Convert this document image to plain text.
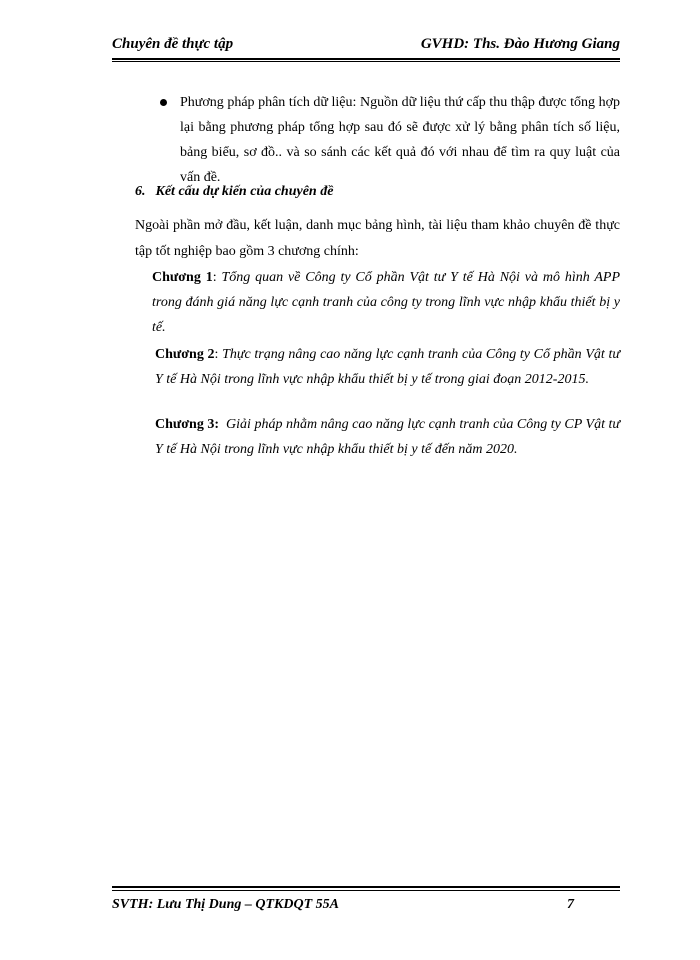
Chuyên đề thực tập	GVHD: Ths. Đào Hương Giang
Phương pháp phân tích dữ liệu: Nguồn dữ liệu thứ cấp thu thập được tổng hợp lại bằng phương pháp tổng hợp sau đó sẽ được xử lý bằng phân tích số liệu, bảng biểu, sơ đồ.. và so sánh các kết quả đó với nhau để tìm ra quy luật của vấn đề.
6. Kết cấu dự kiến của chuyên đề
Ngoài phần mở đầu, kết luận, danh mục bảng hình, tài liệu tham khảo chuyên đề thực tập tốt nghiệp bao gồm 3 chương chính:
Chương 1: Tổng quan về Công ty Cổ phần Vật tư Y tế Hà Nội và mô hình APP trong đánh giá năng lực cạnh tranh của công ty trong lĩnh vực nhập khẩu thiết bị y tế.
Chương 2: Thực trạng nâng cao năng lực cạnh tranh của Công ty Cổ phần Vật tư Y tế Hà Nội trong lĩnh vực nhập khẩu thiết bị y tế trong giai đoạn 2012-2015.
Chương 3: Giải pháp nhằm nâng cao năng lực cạnh tranh của Công ty CP Vật tư Y tế Hà Nội trong lĩnh vực nhập khẩu thiết bị y tế đến năm 2020.
SVTH: Lưu Thị Dung – QTKDQT 55A	7
